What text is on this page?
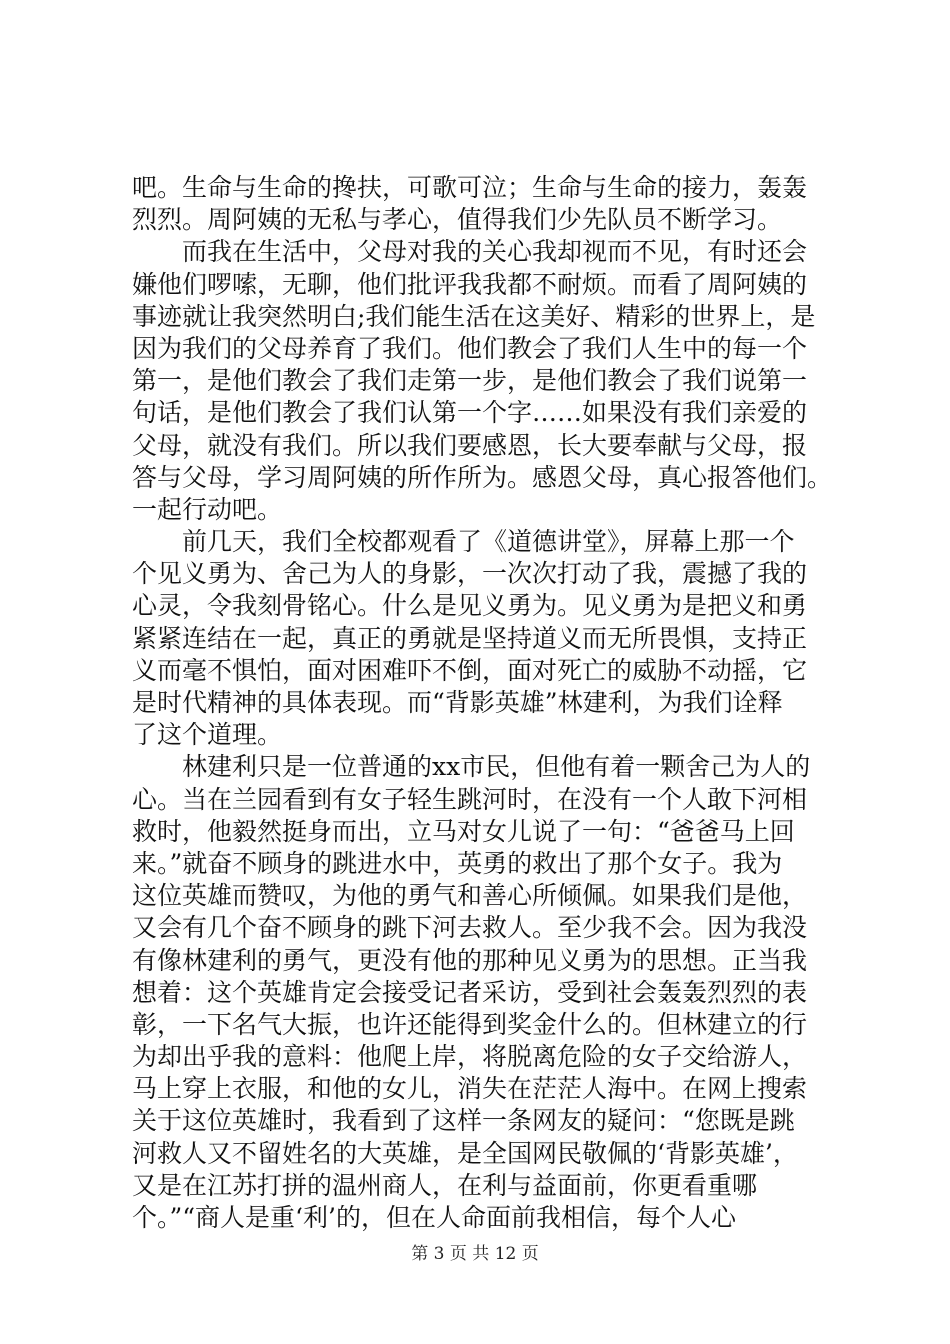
吧。生命与生命的搀扶，可歌可泣；生命与生命的接力，轰轰
烈烈。周阿姨的无私与孝心，值得我们少先队员不断学习。
　　而我在生活中，父母对我的关心我却视而不见，有时还会
嫌他们啰嗦，无聊，他们批评我我都不耐烦。而看了周阿姨的
事迹就让我突然明白;我们能生活在这美好、精彩的世界上，是
因为我们的父母养育了我们。他们教会了我们人生中的每一个
第一，是他们教会了我们走第一步，是他们教会了我们说第一
句话，是他们教会了我们认第一个字……如果没有我们亲爱的
父母，就没有我们。所以我们要感恩，长大要奉献与父母，报
答与父母，学习周阿姨的所作所为。感恩父母，真心报答他们。
一起行动吧。
　　前几天，我们全校都观看了《道德讲堂》，屏幕上那一个
个见义勇为、舍己为人的身影，一次次打动了我，震撼了我的
心灵，令我刻骨铭心。什么是见义勇为。见义勇为是把义和勇
紧紧连结在一起，真正的勇就是坚持道义而无所畏惧，支持正
义而毫不惧怕，面对困难吓不倒，面对死亡的威胁不动摇，它
是时代精神的具体表现。而“背影英雄”林建利，为我们诠释
了这个道理。
　　林建利只是一位普通的xx市民，但他有着一颗舍己为人的
心。当在兰园看到有女子轻生跳河时，在没有一个人敢下河相
救时，他毅然挺身而出，立马对女儿说了一句：“爸爸马上回
来。”就奋不顾身的跳进水中，英勇的救出了那个女子。我为
这位英雄而赞叹，为他的勇气和善心所倾佩。如果我们是他，
又会有几个奋不顾身的跳下河去救人。至少我不会。因为我没
有像林建利的勇气，更没有他的那种见义勇为的思想。正当我
想着：这个英雄肯定会接受记者采访，受到社会轰轰烈烈的表
彰，一下名气大振，也许还能得到奖金什么的。但林建立的行
为却出乎我的意料：他爬上岸，将脱离危险的女子交给游人，
马上穿上衣服，和他的女儿，消失在茫茫人海中。在网上搜索
关于这位英雄时，我看到了这样一条网友的疑问：“您既是跳
河救人又不留姓名的大英雄，是全国网民敬佩的‘背影英雄’，
又是在江苏打拼的温州商人，在利与益面前，你更看重哪
个。”“商人是重‘利’的，但在人命面前我相信，每个人心
第 3 页 共 12 页
